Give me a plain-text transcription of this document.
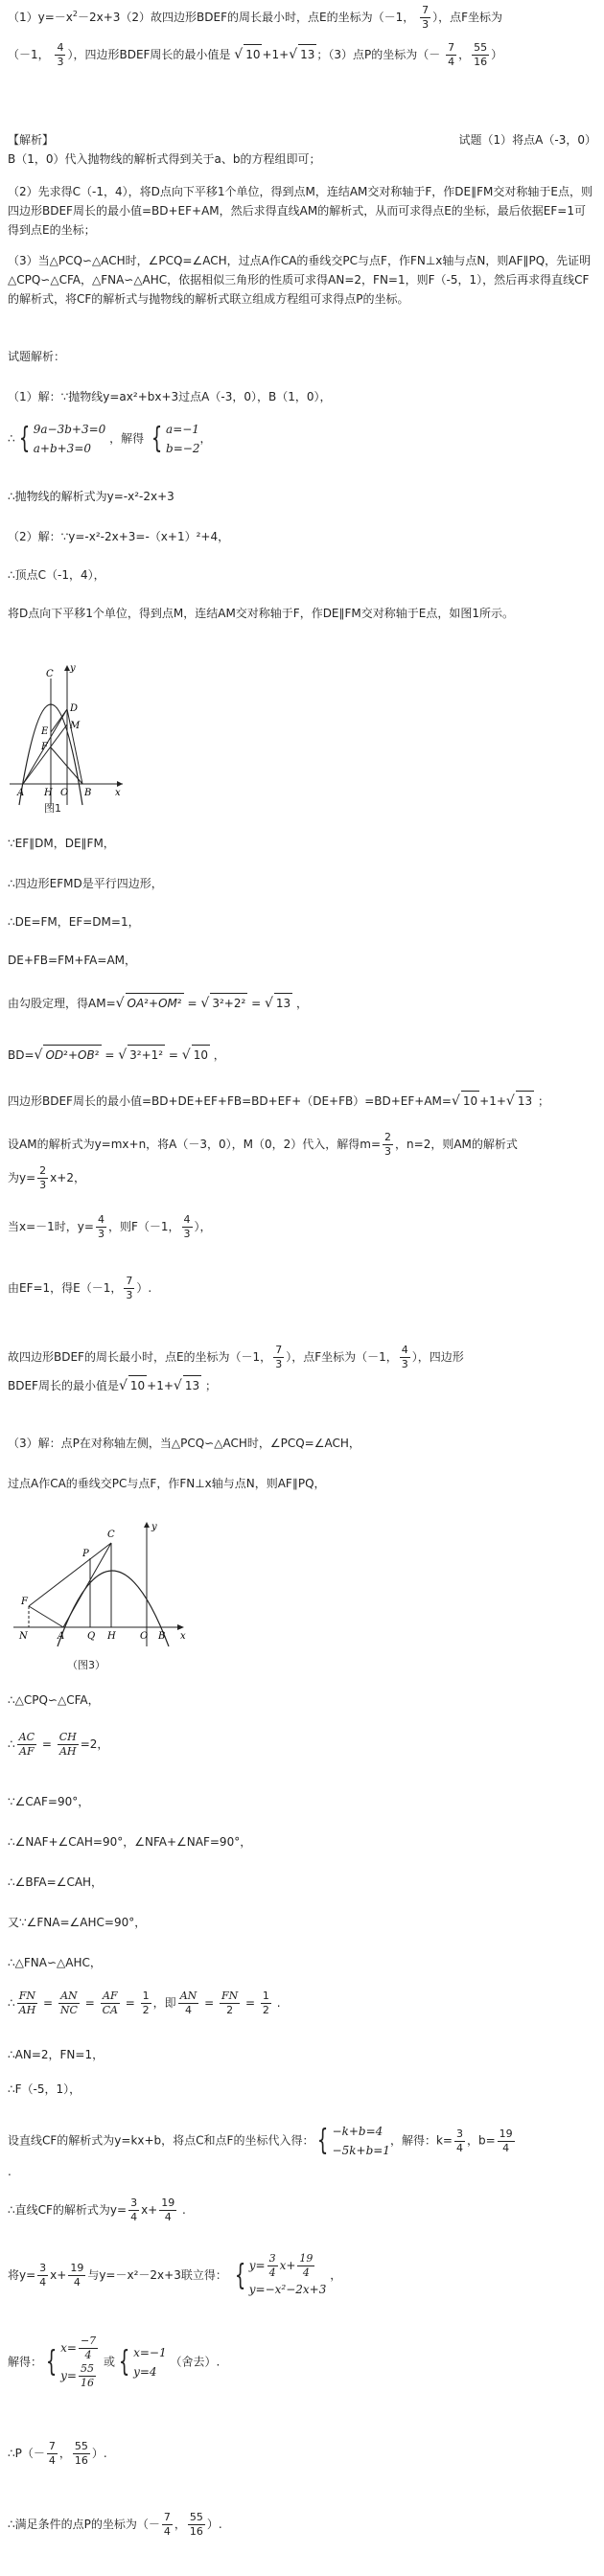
$(1)y=-x^2-2x+3(2)$故四边形BDEF的周长最小时，点E的坐标为（－1， $\frac{7}{3}$ ），点F坐标为
（－1， $\frac{4}{3}$ ），四边形BDEF周长的最小值是 √ 10 +1+√ 13 ；（3）点P的坐标为（－ $\frac{7}{4}$ ， $\frac{55}{16}$ ）
【解析】	试题（1）将点A（-3，0）
B（1，0）代入抛物线的解析式得到关于a、b的方程组即可；
（2）先求得C（-1，4），将D点向下平移1个单位，得到点M，连结AM交对称轴于F，作DE∥FM交对称轴于E点，则四边形BDEF周长的最小值=BD+EF+AM，然后求得直线AM的解析式，从而可求得点E的坐标，最后依据EF=1可得到点E的坐标；
（3）当△PCQ∽△ACH时，∠PCQ=∠ACH，过点A作CA的垂线交PC与点F，作FN⊥x轴与点N，则AF∥PQ，先证明△CPQ∽△CFA，△FNA∽△AHC，依据相似三角形的性质可求得AN=2，FN=1，则F（-5，1），然后再求得直线CF的解析式，将CF的解析式与抛物线的解析式联立组成方程组可求得点P的坐标。
试题解析：
（1）解：∵抛物线y=ax²+bx+3过点A（-3，0），B（1，0），
∴ { 9a−3b+3=0
a+b+3=0
，解得 { a=−1
b=−2
，
∴抛物线的解析式为y=-x²-2x+3
（2）解：∵y=-x²-2x+3=-（x+1）²+4，
∴顶点C（-1，4），
将D点向下平移1个单位，得到点M，连结AM交对称轴于F，作DE∥FM交对称轴于E点，如图1所示。
C
y
D
E
F
M
A H O B x
图1
∵EF∥DM，DE∥FM，
∴四边形EFMD是平行四边形，
∴DE=FM，EF=DM=1，
DE+FB=FM+FA=AM，
由勾股定理，得AM=√ OA²+OM² = √ 3²+2² = √ 13 ，
BD=√ OD²+OB² = √ 3²+1² = √ 10 ，
四边形BDEF周长的最小值=BD+DE+EF+FB=BD+EF+（DE+FB）=BD+EF+AM=√ 10 +1+√ 13 ；
设AM的解析式为y=mx+n，将A（－3，0），M（0，2）代入，解得$m= \frac{2}{3}$ ，n=2，则AM的解析式
为$y= \frac{2}{3} x+2$，
当x=－1时，$y= \frac{4}{3}$ ，则F（－1， $\frac{4}{3}$ ），
由EF=1，得E（－1， $\frac{7}{3}$ ）.
故四边形BDEF的周长最小时，点E的坐标为（－1， $\frac{7}{3}$ ），点F坐标为（－1， $\frac{4}{3}$ ），四边形
BDEF周长的最小值是√ 10 +1+√ 13 ；
（3）解：点P在对称轴左侧，当△PCQ∽△ACH时，∠PCQ=∠ACH，
过点A作CA的垂线交PC与点F，作FN⊥x轴与点N，则AF∥PQ，
C
P
F
N	A Q H	O B x
y
（图3）
∴△CPQ∽△CFA，
∴ $\frac{AC}{AF} = \frac{CH}{AH} =2$，
∵∠CAF=90°，
∴∠NAF+∠CAH=90°，∠NFA+∠NAF=90°，
∴∠BFA=∠CAH，
又∵∠FNA=∠AHC=90°，
∴△FNA∽△AHC，
∴ $\frac{FN}{AH} = \frac{AN}{NC} = \frac{AF}{CA} = \frac{1}{2}$ ，即 $\frac{AN}{4} = \frac{FN}{2} = \frac{1}{2}$ .
∴AN=2，FN=1，
∴F（-5，1），
设直线CF的解析式为y=kx+b，将点C和点F的坐标代入得： { −k+b=4
−5k+b=1
，解得：$k= \frac{3}{4}$ ，$b= \frac{19}{4}$
.
∴直线CF的解析式为$y= \frac{3}{4} x+ \frac{19}{4}$ .
将$y= \frac{3}{4} x+ \frac{19}{4}$ 与y=－x²－2x+3联立得： { $y= \frac{3}{4} x+ \frac{19}{4}$
y=−x²−2x+3
，
解得： { $x= \frac{-7}{4}$
$y= \frac{55}{16}$
或 { x=−1
y=4
（舍去）.
∴P（－ $\frac{7}{4}$ ， $\frac{55}{16}$ ）.
∴满足条件的点P的坐标为（－ $\frac{7}{4}$ ， $\frac{55}{16}$ ）.
